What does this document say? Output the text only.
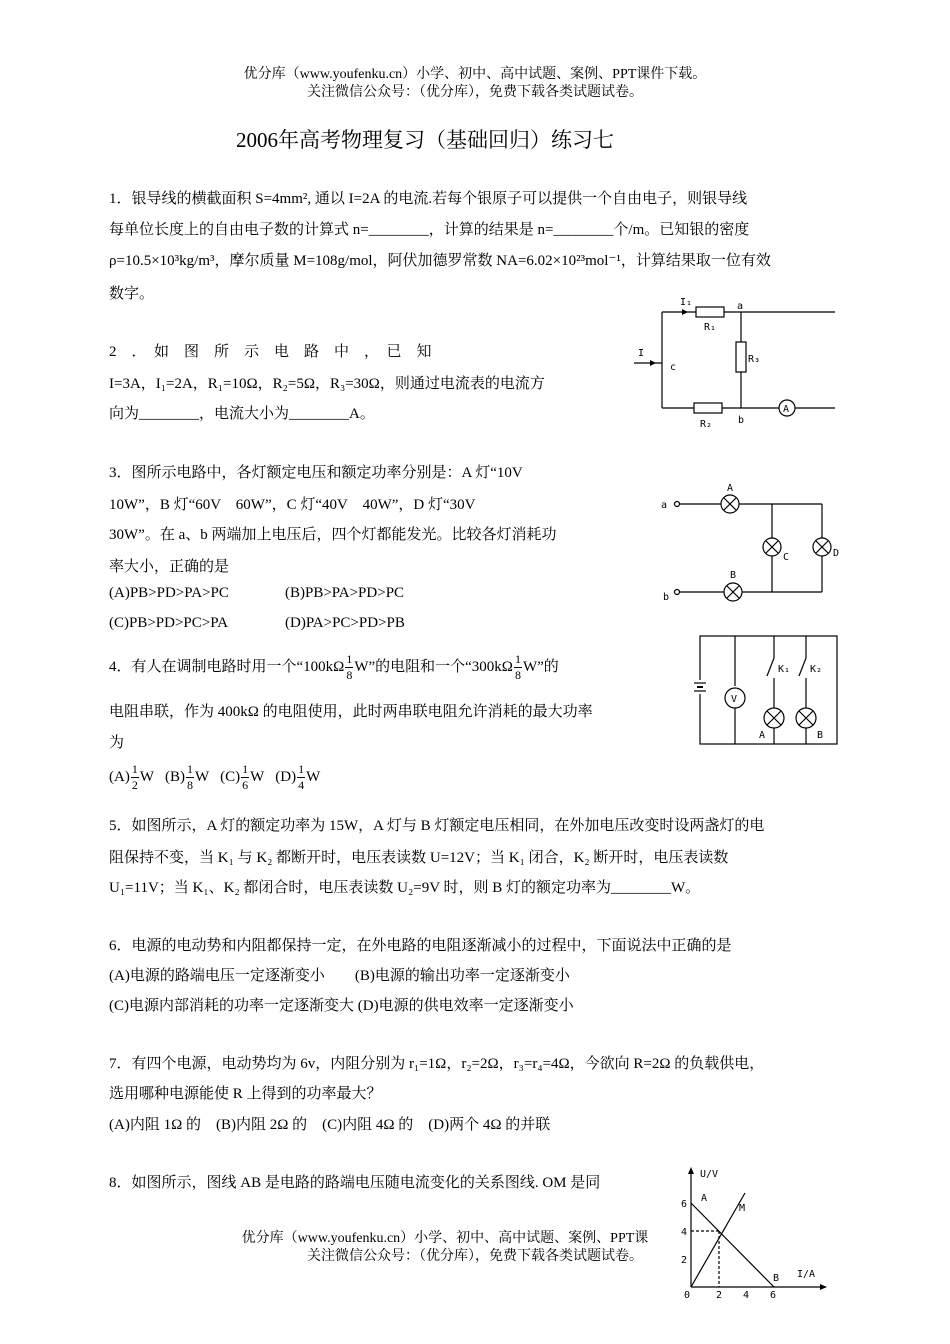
优分库（www.youfenku.cn）小学、初中、高中试题、案例、PPT课件下载。
关注微信公众号：（优分库），免费下载各类试题试卷。
2006年高考物理复习（基础回归）练习七
1．银导线的横截面积 S=4mm², 通以 I=2A 的电流.若每个银原子可以提供一个自由电子，则银导线
每单位长度上的自由电子数的计算式 n=________，计算的结果是 n=________个/m。已知银的密度
ρ=10.5×10³kg/m³，摩尔质量 M=108g/mol，阿伏加德罗常数 NA=6.02×10²³mol⁻¹，计算结果取一位有效
数字。
2　．　如　图　所　示　电　路　中　，　已　知
I=3A，I₁=2A，R₁=10Ω，R₂=5Ω，R₃=30Ω，则通过电流表的电流方
向为________，电流大小为________A。
I₁
R₁
a
R₃
I
c
b
R₂
A
3．图所示电路中，各灯额定电压和额定功率分别是：A 灯“10V
10W”，B 灯“60V　60W”，C 灯“40V　40W”，D 灯“30V
30W”。在 a、b 两端加上电压后，四个灯都能发光。比较各灯消耗功
率大小，正确的是
(A)PB>PD>PA>PC	(B)PB>PA>PD>PC
(C)PB>PD>PC>PA	(D)PA>PC>PD>PB
a
b
A
B
C	D
4．有人在调制电路时用一个“$100k\Omega \frac{1}{8} W$”的电阻和一个“$300k\Omega \frac{1}{8} W$”的
电阻串联，作为 400kΩ 的电阻使用，此时两串联电阻允许消耗的最大功率
为
$(A) \frac{1}{2}$ W $(B) \frac{1}{8}$ W $(C) \frac{1}{6}$ W $(D) \frac{1}{4}$ W
V
K₁ K₂
A	B
5．如图所示，A 灯的额定功率为 15W，A 灯与 B 灯额定电压相同，在外加电压改变时设两盏灯的电
阻保持不变，当 K₁ 与 K₂ 都断开时，电压表读数 U=12V；当 K₁ 闭合，K₂ 断开时，电压表读数
U₁=11V；当 K₁、K₂ 都闭合时，电压表读数 U₂=9V 时，则 B 灯的额定功率为________W。
6．电源的电动势和内阻都保持一定，在外电路的电阻逐渐减小的过程中，下面说法中正确的是
(A)电源的路端电压一定逐渐变小　　(B)电源的输出功率一定逐渐变小
(C)电源内部消耗的功率一定逐渐变大 (D)电源的供电效率一定逐渐变小
7．有四个电源，电动势均为 6v，内阻分别为 r₁=1Ω，r₂=2Ω，r₃=r₄=4Ω，今欲向 R=2Ω 的负载供电，
选用哪种电源能使 R 上得到的功率最大？
(A)内阻 1Ω 的　(B)内阻 2Ω 的　(C)内阻 4Ω 的　(D)两个 4Ω 的并联
8．如图所示，图线 AB 是电路的路端电压随电流变化的关系图线. OM 是同
U/V
I/A
A
B
M
0
6
4
2
2 4 6
优分库（www.youfenku.cn）小学、初中、高中试题、案例、PPT课
关注微信公众号：（优分库），免费下载各类试题试卷。
